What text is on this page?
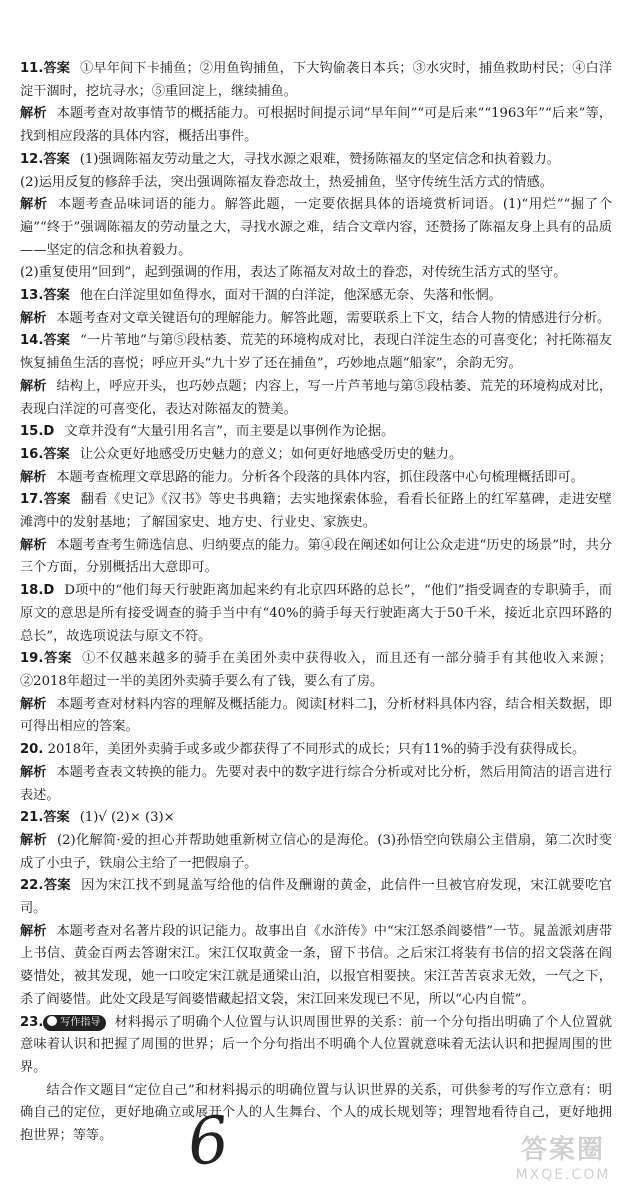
11.答案 ①早年间下卡捕鱼；②用鱼钩捕鱼，下大钩偷袭日本兵；③水灾时，捕鱼救助村民；④白洋淀干涸时，挖坑寻水；⑤重回淀上，继续捕鱼。

解析 本题考查对故事情节的概括能力。可根据时间提示词“早年间”“可是后来”“1963年”“后来”等，找到相应段落的具体内容，概括出事件。

12.答案 (1)强调陈福友劳动量之大，寻找水源之艰难，赞扬陈福友的坚定信念和执着毅力。

(2)运用反复的修辞手法，突出强调陈福友眷恋故土，热爱捕鱼，坚守传统生活方式的情感。

解析 本题考查品味词语的能力。解答此题，一定要依据具体的语境赏析词语。(1)“用烂”“掘了个遍”“终于”强调陈福友的劳动量之大，寻找水源之难，结合文章内容，还赞扬了陈福友身上具有的品质——坚定的信念和执着毅力。

(2)重复使用“回到”，起到强调的作用，表达了陈福友对故土的眷恋，对传统生活方式的坚守。

13.答案 他在白洋淀里如鱼得水，面对干涸的白洋淀，他深感无奈、失落和怅惘。

解析 本题考查对文章关键语句的理解能力。解答此题，需要联系上下文，结合人物的情感进行分析。

14.答案 “一片苇地”与第⑤段枯萎、荒芜的环境构成对比，表现白洋淀生态的可喜变化；衬托陈福友恢复捕鱼生活的喜悦；呼应开头“九十岁了还在捕鱼”，巧妙地点题“船家”，余韵无穷。

解析 结构上，呼应开头，也巧妙点题；内容上，写一片芦苇地与第⑤段枯萎、荒芜的环境构成对比，表现白洋淀的可喜变化，表达对陈福友的赞美。

15.D 文章并没有“大量引用名言”，而主要是以事例作为论据。

16.答案 让公众更好地感受历史魅力的意义；如何更好地感受历史的魅力。

解析 本题考查梳理文章思路的能力。分析各个段落的具体内容，抓住段落中心句梳理概括即可。

17.答案 翻看《史记》《汉书》等史书典籍；去实地探索体验，看看长征路上的红军墓碑，走进安壁滩湾中的发射基地；了解国家史、地方史、行业史、家族史。

解析 本题考查考生筛选信息、归纳要点的能力。第④段在阐述如何让公众走进“历史的场景”时，共分三个方面，分别概括出大意即可。

18.D D项中的“他们每天行驶距离加起来约有北京四环路的总长”，“他们”指受调查的专职骑手，而原文的意思是所有接受调查的骑手当中有“40%的骑手每天行驶距离大于50千米，接近北京四环路的总长”，故选项说法与原文不符。

19.答案 ①不仅越来越多的骑手在美团外卖中获得收入，而且还有一部分骑手有其他收入来源；②2018年超过一半的美团外卖骑手要么有了钱，要么有了房。

解析 本题考查对材料内容的理解及概括能力。阅读[材料二]，分析材料具体内容，结合相关数据，即可得出相应的答案。

20. 2018年，美团外卖骑手或多或少都获得了不同形式的成长；只有11%的骑手没有获得成长。

解析 本题考查表文转换的能力。先要对表中的数字进行综合分析或对比分析，然后用简洁的语言进行表述。

21.答案 (1)√ (2)× (3)×

解析 (2)化解简·爱的担心并帮助她重新树立信心的是海伦。(3)孙悟空向铁扇公主借扇，第二次时变成了小虫子，铁扇公主给了一把假扇子。

22.答案 因为宋江找不到晁盖写给他的信件及酬谢的黄金，此信件一旦被官府发现，宋江就要吃官司。

解析 本题考查对名著片段的识记能力。故事出自《水浒传》中“宋江怒杀阎婆惜”一节。晁盖派刘唐带上书信、黄金百两去答谢宋江。宋江仅取黄金一条，留下书信。之后宋江将装有书信的招文袋落在阎婆惜处，被其发现，她一口咬定宋江就是通梁山泊，以报官相要挟。宋江苦苦哀求无效，一气之下，杀了阎婆惜。此处文段是写阎婆惜藏起招文袋，宋江回来发现已不见，所以“心内自慌”。

23. 写作指导 材料揭示了明确个人位置与认识周围世界的关系：前一个分句指出明确了个人位置就意味着认识和把握了周围的世界；后一个分句指出不明确个人位置就意味着无法认识和把握周围的世界。

结合作文题目“定位自己”和材料揭示的明确位置与认识世界的关系，可供参考的写作立意有：明确自己的定位，更好地确立或展开个人的人生舞台、个人的成长规划等；理智地看待自己，更好地拥抱世界；等等。	6	答案圈
MXQE.COM
